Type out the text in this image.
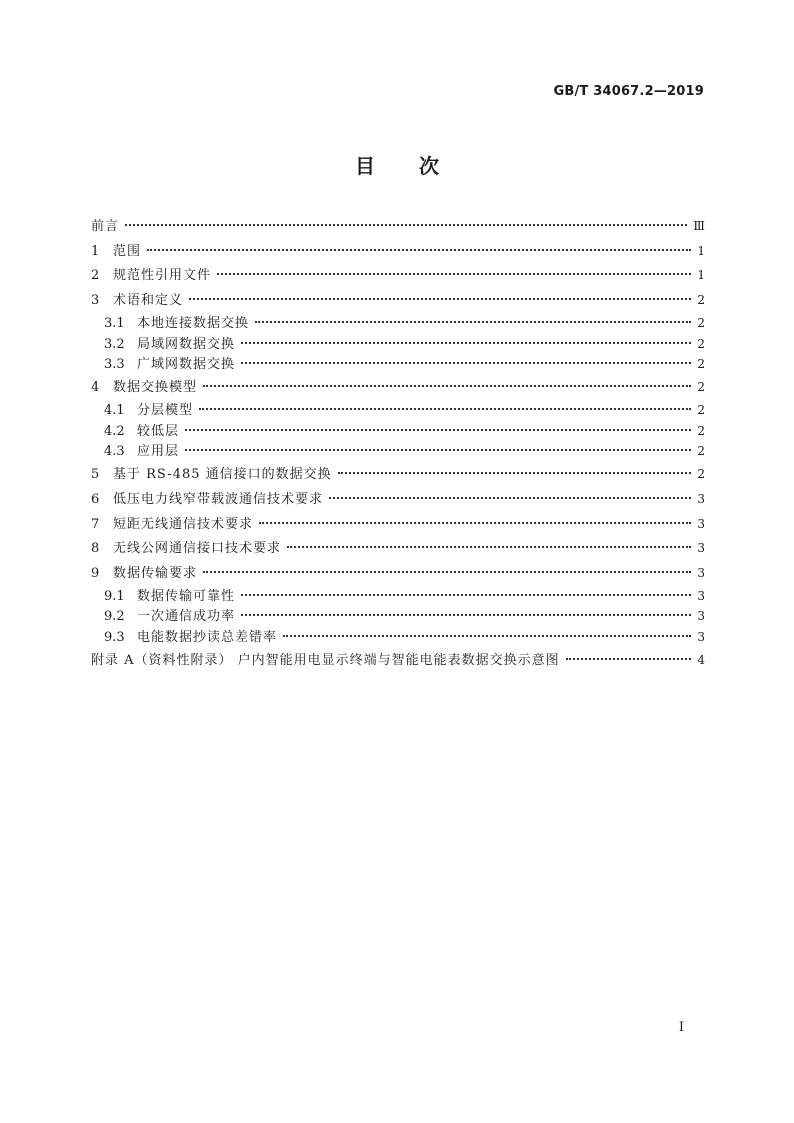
GB/T 34067.2—2019
目次
前言	Ⅲ
1	范围	1
2	规范性引用文件	1
3	术语和定义	2
3.1 本地连接数据交换	2
3.2 局域网数据交换	2
3.3 广域网数据交换	2
4	数据交换模型	2
4.1 分层模型	2
4.2 较低层	2
4.3 应用层	2
5	基于 RS-485 通信接口的数据交换	2
6	低压电力线窄带载波通信技术要求	3
7	短距无线通信技术要求	3
8	无线公网通信接口技术要求	3
9	数据传输要求	3
9.1 数据传输可靠性	3
9.2 一次通信成功率	3
9.3 电能数据抄读总差错率	3
附录 A（资料性附录） 户内智能用电显示终端与智能电能表数据交换示意图	4
Ⅰ
